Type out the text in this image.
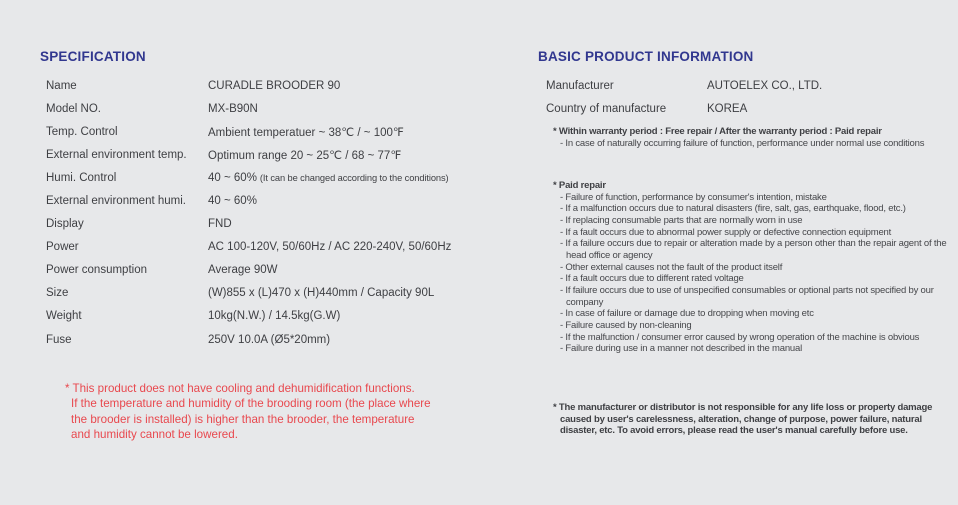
SPECIFICATION
Name	CURADLE BROODER 90
Model NO.	MX-B90N
Temp. Control	Ambient temperatuer ~ 38℃ / ~ 100℉
External environment temp.	Optimum range 20 ~ 25℃ / 68 ~ 77℉
Humi. Control	40 ~ 60% (It can be changed according to the conditions)
External environment humi.	40 ~ 60%
Display	FND
Power	AC 100-120V, 50/60Hz / AC 220-240V, 50/60Hz
Power consumption	Average 90W
Size	(W)855 x (L)470 x (H)440mm / Capacity 90L
Weight	10kg(N.W.) / 14.5kg(G.W)
Fuse	250V 10.0A (Ø5*20mm)
* This product does not have cooling and dehumidification functions.
If the temperature and humidity of the brooding room (the place where
the brooder is installed) is higher than the brooder, the temperature
and humidity cannot be lowered.
BASIC PRODUCT INFORMATION
Manufacturer	AUTOELEX CO., LTD.
Country of manufacture	KOREA
* Within warranty period : Free repair / After the warranty period : Paid repair
- In case of naturally occurring failure of function, performance under normal use conditions
* Paid repair
- Failure of function, performance by consumer's intention, mistake
- If a malfunction occurs due to natural disasters (fire, salt, gas, earthquake, flood, etc.)
- If replacing consumable parts that are normally worn in use
- If a fault occurs due to abnormal power supply or defective connection equipment
- If a failure occurs due to repair or alteration made by a person other than the repair agent of the head office or agency
- Other external causes not the fault of the product itself
- If a fault occurs due to different rated voltage
- If failure occurs due to use of unspecified consumables or optional parts not specified by our company
- In case of failure or damage due to dropping when moving etc
- Failure caused by non-cleaning
- If the malfunction / consumer error caused by wrong operation of the machine is obvious
- Failure during use in a manner not described in the manual
* The manufacturer or distributor is not responsible for any life loss or property damage caused by user's carelessness, alteration, change of purpose, power failure, natural disaster, etc. To avoid errors, please read the user's manual carefully before use.
